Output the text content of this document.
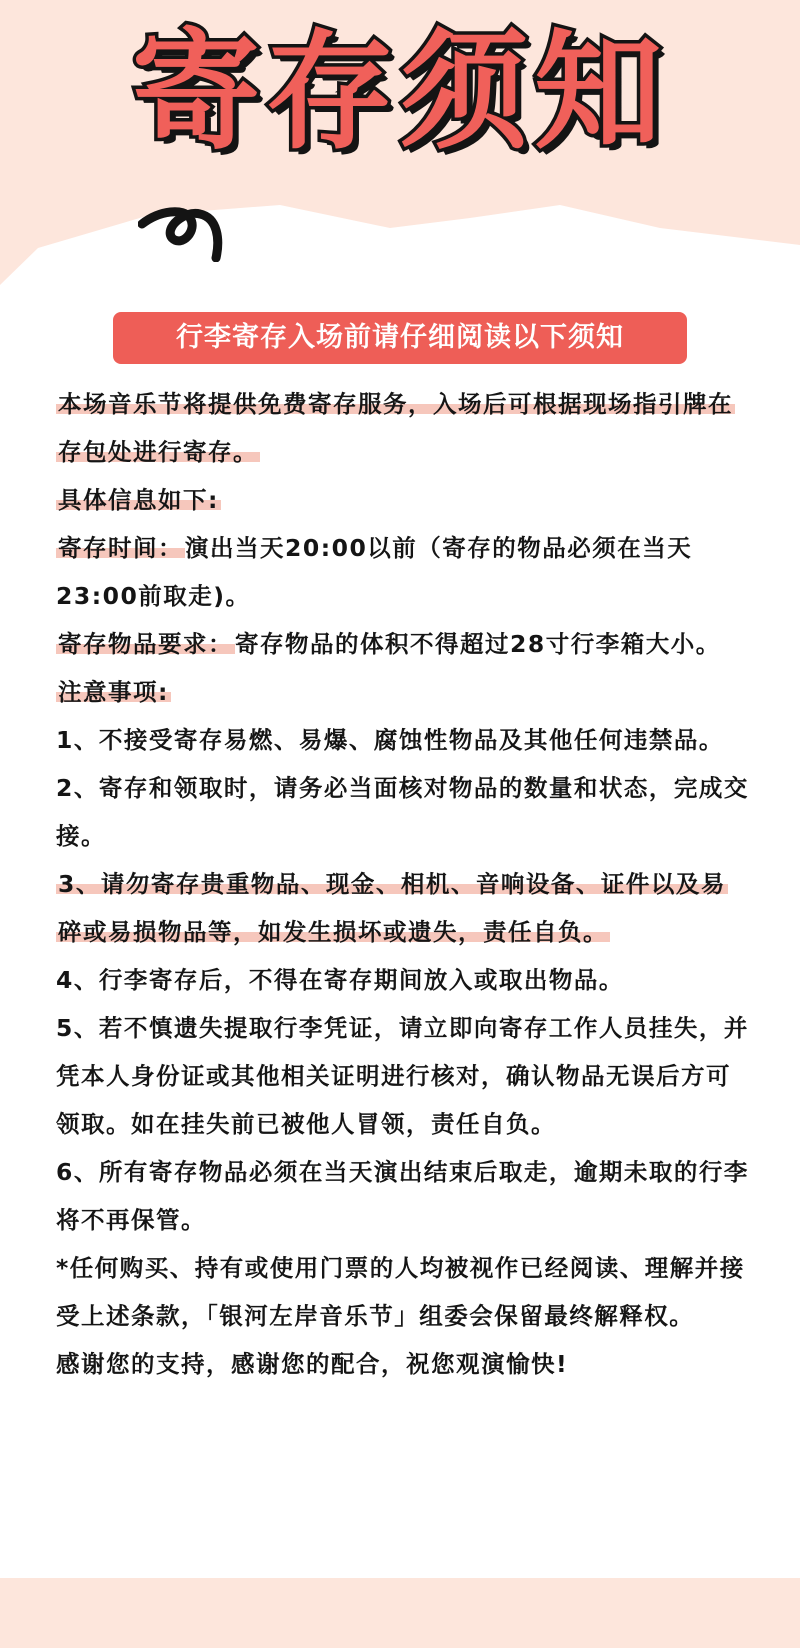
寄存须知
行李寄存入场前请仔细阅读以下须知

本场音乐节将提供免费寄存服务，入场后可根据现场指引牌在存包处进行寄存。

具体信息如下:

寄存时间：演出当天20:00以前（寄存的物品必须在当天23:00前取走)。

寄存物品要求：寄存物品的体积不得超过28寸行李箱大小。

注意事项:

1、不接受寄存易燃、易爆、腐蚀性物品及其他任何违禁品。

2、寄存和领取时，请务必当面核对物品的数量和状态，完成交接。

3、请勿寄存贵重物品、现金、相机、音响设备、证件以及易碎或易损物品等，如发生损坏或遗失，责任自负。

4、行李寄存后，不得在寄存期间放入或取出物品。

5、若不慎遗失提取行李凭证，请立即向寄存工作人员挂失，并凭本人身份证或其他相关证明进行核对，确认物品无误后方可领取。如在挂失前已被他人冒领，责任自负。

6、所有寄存物品必须在当天演出结束后取走，逾期未取的行李将不再保管。

*任何购买、持有或使用门票的人均被视作已经阅读、理解并接受上述条款，「银河左岸音乐节」组委会保留最终解释权。

感谢您的支持，感谢您的配合，祝您观演愉快!
